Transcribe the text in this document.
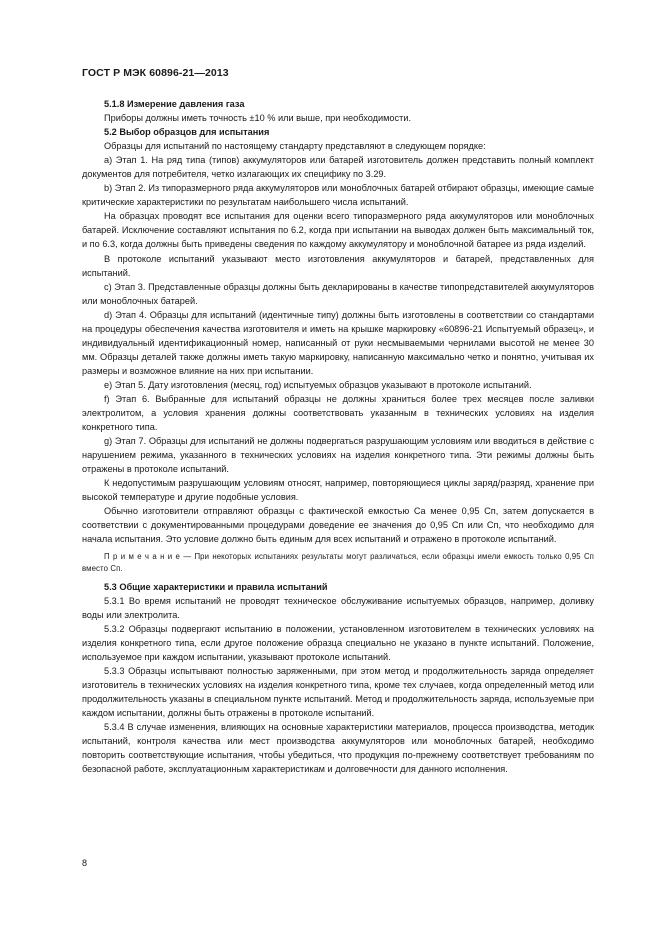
ГОСТ Р МЭК 60896-21—2013

5.1.8 Измерение давления газа

Приборы должны иметь точность ±10 % или выше, при необходимости.

5.2 Выбор образцов для испытания

Образцы для испытаний по настоящему стандарту представляют в следующем порядке:

a) Этап 1. На ряд типа (типов) аккумуляторов или батарей изготовитель должен представить полный комплект документов для потребителя, четко излагающих их специфику по 3.29.

b) Этап 2. Из типоразмерного ряда аккумуляторов или моноблочных батарей отбирают образцы, имеющие самые критические характеристики по результатам наибольшего числа испытаний.

На образцах проводят все испытания для оценки всего типоразмерного ряда аккумуляторов или моноблочных батарей. Исключение составляют испытания по 6.2, когда при испытании на выводах должен быть максимальный ток, и по 6.3, когда должны быть приведены сведения по каждому аккумулятору и моноблочной батарее из ряда изделий.

В протоколе испытаний указывают место изготовления аккумуляторов и батарей, представленных для испытаний.

c) Этап 3. Представленные образцы должны быть декларированы в качестве типопредставителей аккумуляторов или моноблочных батарей.

d) Этап 4. Образцы для испытаний (идентичные типу) должны быть изготовлены в соответствии со стандартами на процедуры обеспечения качества изготовителя и иметь на крышке маркировку «60896-21 Испытуемый образец», и индивидуальный идентификационный номер, написанный от руки несмываемыми чернилами высотой не менее 30 мм. Образцы деталей также должны иметь такую маркировку, написанную максимально четко и понятно, учитывая их размеры и возможное влияние на них при испытании.

e) Этап 5. Дату изготовления (месяц, год) испытуемых образцов указывают в протоколе испытаний.

f) Этап 6. Выбранные для испытаний образцы не должны храниться более трех месяцев после заливки электролитом, а условия хранения должны соответствовать указанным в технических условиях на изделия конкретного типа.

g) Этап 7. Образцы для испытаний не должны подвергаться разрушающим условиям или вводиться в действие с нарушением режима, указанного в технических условиях на изделия конкретного типа. Эти режимы должны быть отражены в протоколе испытаний.

К недопустимым разрушающим условиям относят, например, повторяющиеся циклы заряд/разряд, хранение при высокой температуре и другие подобные условия.

Обычно изготовители отправляют образцы с фактической емкостью Cа менее 0,95 Cп, затем допускается в соответствии с документированными процедурами доведение ее значения до 0,95 Cп или Cп, что необходимо для начала испытания. Это условие должно быть единым для всех испытаний и отражено в протоколе испытаний.

П р и м е ч а н и е — При некоторых испытаниях результаты могут различаться, если образцы имели емкость только 0,95 Cп вместо Cп.

5.3 Общие характеристики и правила испытаний

5.3.1 Во время испытаний не проводят техническое обслуживание испытуемых образцов, например, доливку воды или электролита.

5.3.2 Образцы подвергают испытанию в положении, установленном изготовителем в технических условиях на изделия конкретного типа, если другое положение образца специально не указано в пункте испытаний. Положение, используемое при каждом испытании, указывают протоколе испытаний.

5.3.3 Образцы испытывают полностью заряженными, при этом метод и продолжительность заряда определяет изготовитель в технических условиях на изделия конкретного типа, кроме тех случаев, когда определенный метод или продолжительность указаны в специальном пункте испытаний. Метод и продолжительность заряда, используемые при каждом испытании, должны быть отражены в протоколе испытаний.

5.3.4 В случае изменения, влияющих на основные характеристики материалов, процесса производства, методик испытаний, контроля качества или мест производства аккумуляторов или моноблочных батарей, необходимо повторить соответствующие испытания, чтобы убедиться, что продукция по-прежнему соответствует требованиям по безопасной работе, эксплуатационным характеристикам и долговечности для данного исполнения.

8
